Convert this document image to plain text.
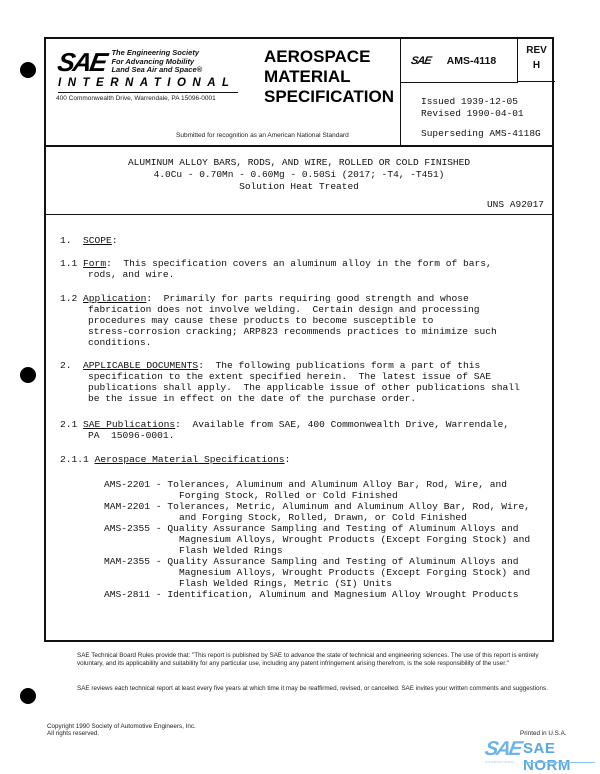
SAE The Engineering Society
For Advancing Mobility
Land Sea Air and Space®
INTERNATIONAL
400 Commonwealth Drive, Warrendale, PA 15096-0001
Submitted for recognition as an American National Standard
AEROSPACE
MATERIAL
SPECIFICATION
SAE AMS-4118
REV
H
Issued 1939-12-05
Revised 1990-04-01
Superseding AMS-4118G
ALUMINUM ALLOY BARS, RODS, AND WIRE, ROLLED OR COLD FINISHED
4.0Cu - 0.70Mn - 0.60Mg - 0.50Si (2017; -T4, -T451)
Solution Heat Treated
UNS A92017
1. SCOPE:
1.1 Form:  This specification covers an aluminum alloy in the form of bars,
rods, and wire.
1.2 Application:  Primarily for parts requiring good strength and whose
fabrication does not involve welding.  Certain design and processing
procedures may cause these products to become susceptible to
stress-corrosion cracking; ARP823 recommends practices to minimize such
conditions.
2. APPLICABLE DOCUMENTS:  The following publications form a part of this
specification to the extent specified herein.  The latest issue of SAE
publications shall apply.  The applicable issue of other publications shall
be the issue in effect on the date of the purchase order.
2.1 SAE Publications:  Available from SAE, 400 Commonwealth Drive, Warrendale,
PA  15096-0001.
2.1.1 Aerospace Material Specifications:
AMS-2201 - Tolerances, Aluminum and Aluminum Alloy Bar, Rod, Wire, and
Forging Stock, Rolled or Cold Finished
MAM-2201 - Tolerances, Metric, Aluminum and Aluminum Alloy Bar, Rod, Wire,
and Forging Stock, Rolled, Drawn, or Cold Finished
AMS-2355 - Quality Assurance Sampling and Testing of Aluminum Alloys and
Magnesium Alloys, Wrought Products (Except Forging Stock) and
Flash Welded Rings
MAM-2355 - Quality Assurance Sampling and Testing of Aluminum Alloys and
Magnesium Alloys, Wrought Products (Except Forging Stock) and
Flash Welded Rings, Metric (SI) Units
AMS-2811 - Identification, Aluminum and Magnesium Alloy Wrought Products
SAE Technical Board Rules provide that: "This report is published by SAE to advance the state of technical and engineering sciences. The use of this report is entirely voluntary, and its applicability and suitability for any particular use, including any patent infringement arising therefrom, is the sole responsibility of the user."
SAE reviews each technical report at least every five years at which time it may be reaffirmed, revised, or cancelled. SAE invites your written comments and suggestions.
Copyright 1990 Society of Automotive Engineers, Inc.
All rights reserved.	Printed in U.S.A.
SAE SAE NORM
INTERNATIONAL
